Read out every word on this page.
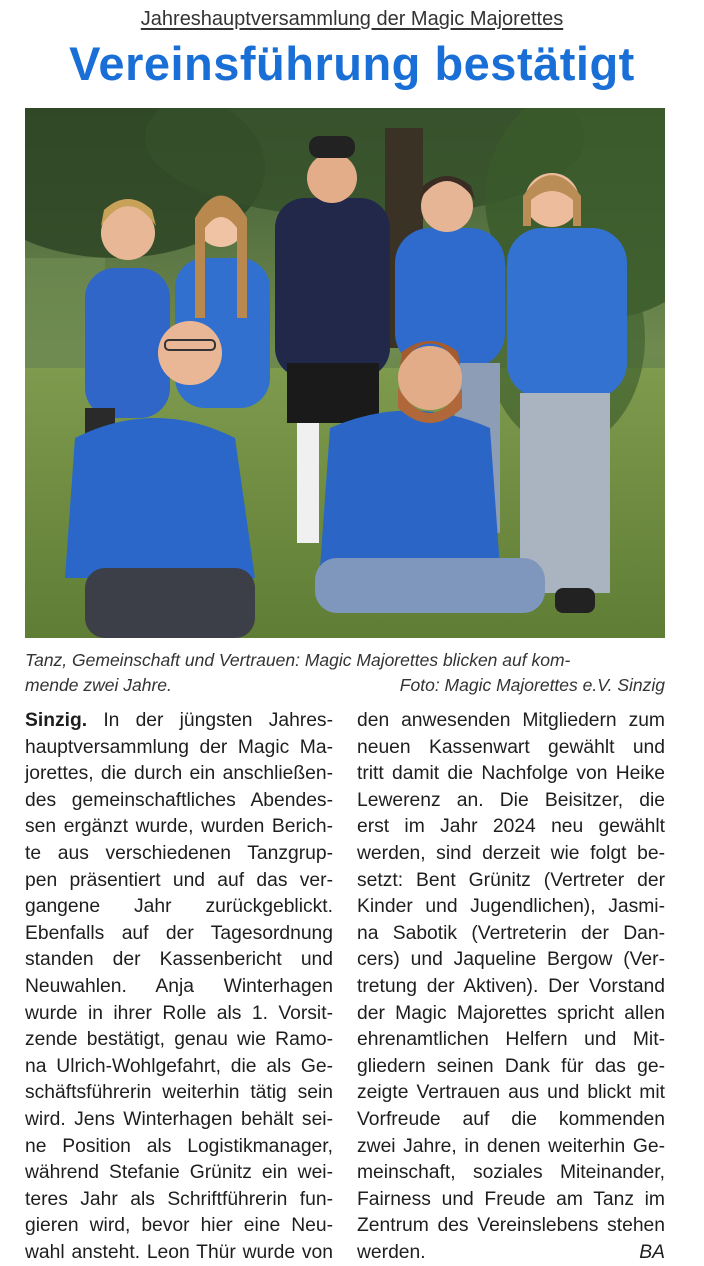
Jahreshauptversammlung der Magic Majorettes
Vereinsführung bestätigt
Tanz, Gemeinschaft und Vertrauen: Magic Majorettes blicken auf kom-
mende zwei Jahre.	Foto: Magic Majorettes e.V. Sinzig
Sinzig. In der jüngsten Jahres-
hauptversammlung der Magic Ma-
jorettes, die durch ein anschließen-
des gemeinschaftliches Abendes-
sen ergänzt wurde, wurden Berich-
te aus verschiedenen Tanzgrup-
pen präsentiert und auf das ver-
gangene Jahr zurückgeblickt.
Ebenfalls auf der Tagesordnung
standen der Kassenbericht und
Neuwahlen. Anja Winterhagen
wurde in ihrer Rolle als 1. Vorsit-
zende bestätigt, genau wie Ramo-
na Ulrich-Wohlgefahrt, die als Ge-
schäftsführerin weiterhin tätig sein
wird. Jens Winterhagen behält sei-
ne Position als Logistikmanager,
während Stefanie Grünitz ein wei-
teres Jahr als Schriftführerin fun-
gieren wird, bevor hier eine Neu-
wahl ansteht. Leon Thür wurde von
den anwesenden Mitgliedern zum
neuen Kassenwart gewählt und
tritt damit die Nachfolge von Heike
Lewerenz an. Die Beisitzer, die
erst im Jahr 2024 neu gewählt
werden, sind derzeit wie folgt be-
setzt: Bent Grünitz (Vertreter der
Kinder und Jugendlichen), Jasmi-
na Sabotik (Vertreterin der Dan-
cers) und Jaqueline Bergow (Ver-
tretung der Aktiven). Der Vorstand
der Magic Majorettes spricht allen
ehrenamtlichen Helfern und Mit-
gliedern seinen Dank für das ge-
zeigte Vertrauen aus und blickt mit
Vorfreude auf die kommenden
zwei Jahre, in denen weiterhin Ge-
meinschaft, soziales Miteinander,
Fairness und Freude am Tanz im
Zentrum des Vereinslebens stehen
werden.	BA
